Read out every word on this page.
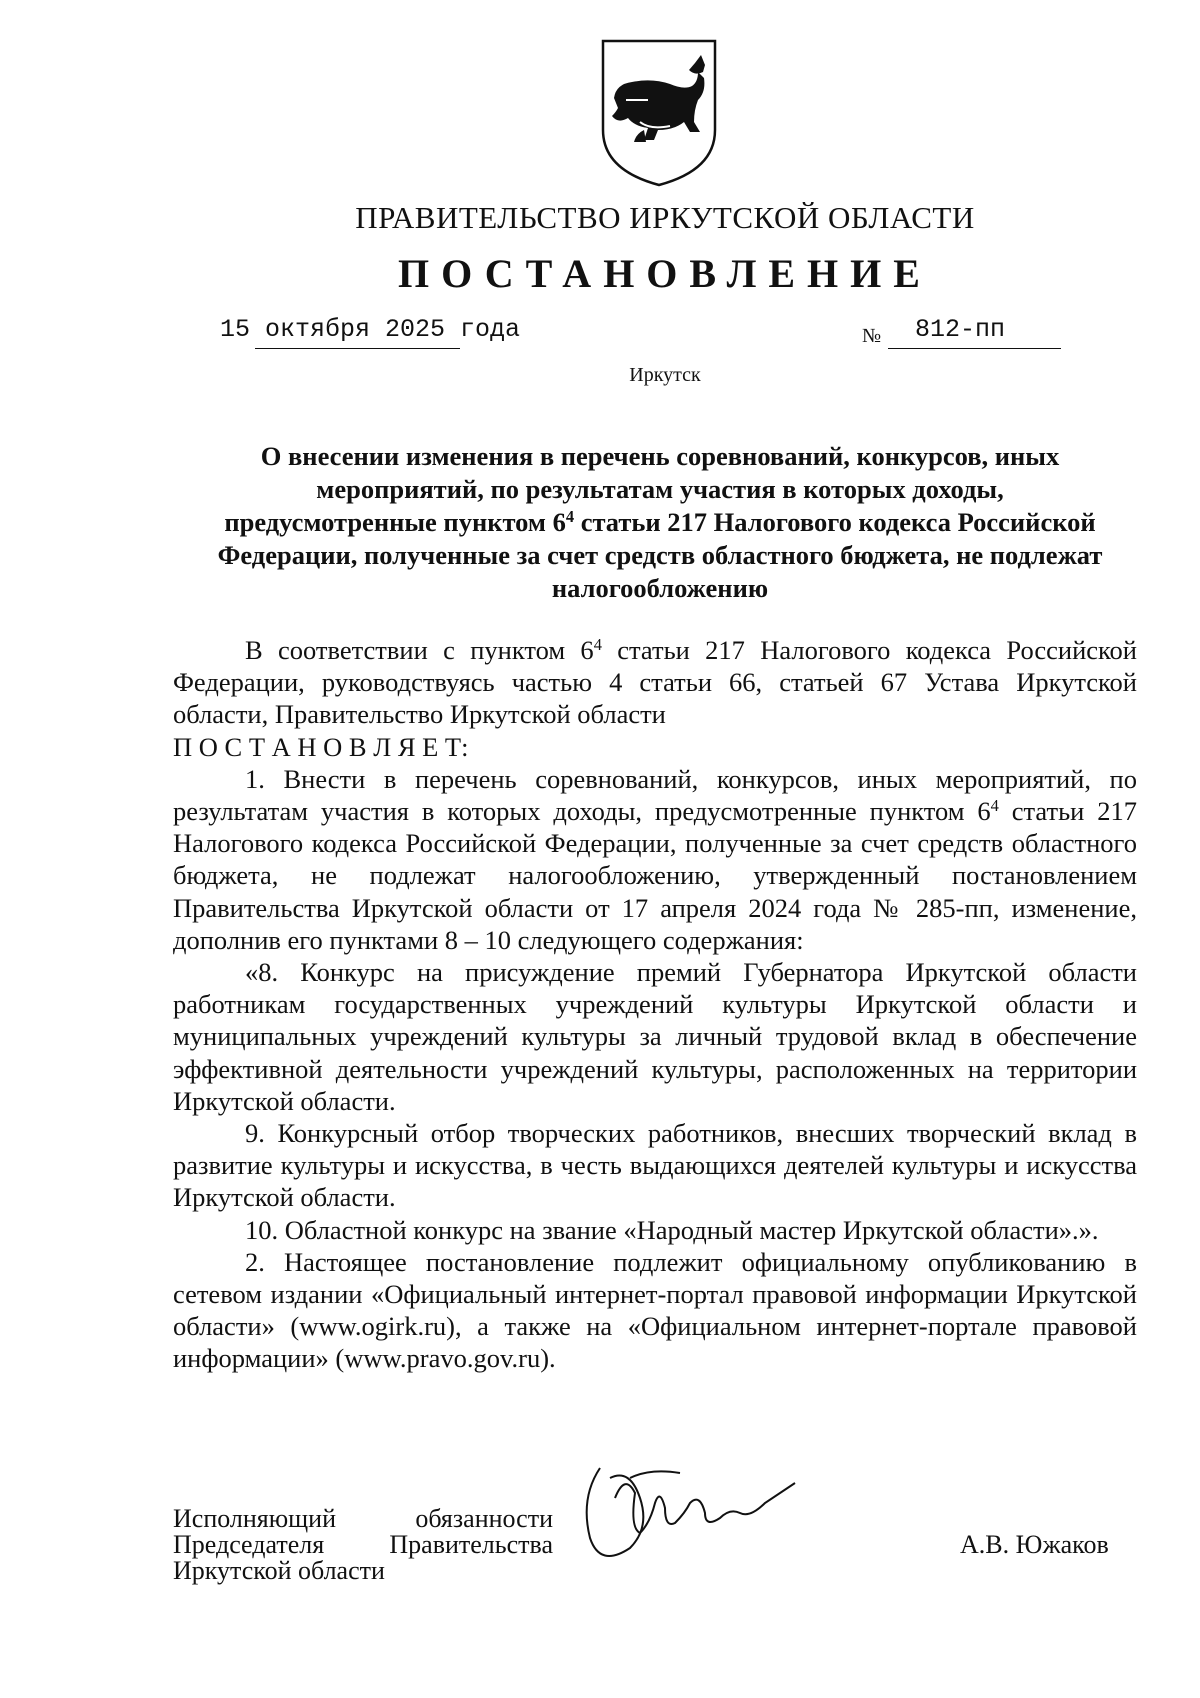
ПРАВИТЕЛЬСТВО ИРКУТСКОЙ ОБЛАСТИ
ПОСТАНОВЛЕНИЕ
15 октября 2025 года	№ 812-пп
Иркутск
О внесении изменения в перечень соревнований, конкурсов, иных
мероприятий, по результатам участия в которых доходы,
предусмотренные пунктом $6^4$ статьи 217 Налогового кодекса Российской
Федерации, полученные за счет средств областного бюджета, не подлежат
налогообложению

В соответствии с пунктом $6^4$ статьи 217 Налогового кодекса Российской Федерации, руководствуясь частью 4 статьи 66, статьей 67 Устава Иркутской области, Правительство Иркутской области

П О С Т А Н О В Л Я Е Т:

1. Внести в перечень соревнований, конкурсов, иных мероприятий, по результатам участия в которых доходы, предусмотренные пунктом $6^4$ статьи 217 Налогового кодекса Российской Федерации, полученные за счет средств областного бюджета, не подлежат налогообложению, утвержденный постановлением Правительства Иркутской области от 17 апреля 2024 года № 285-пп, изменение, дополнив его пунктами 8 – 10 следующего содержания:

«8. Конкурс на присуждение премий Губернатора Иркутской области работникам государственных учреждений культуры Иркутской области и муниципальных учреждений культуры за личный трудовой вклад в обеспечение эффективной деятельности учреждений культуры, расположенных на территории Иркутской области.

9. Конкурсный отбор творческих работников, внесших творческий вклад в развитие культуры и искусства, в честь выдающихся деятелей культуры и искусства Иркутской области.

10. Областной конкурс на звание «Народный мастер Иркутской области».».

2. Настоящее постановление подлежит официальному опубликованию в сетевом издании «Официальный интернет-портал правовой информации Иркутской области» (www.ogirk.ru), а также на «Официальном интернет-портале правовой информации» (www.pravo.gov.ru).

Исполняющий обязанности
Председателя Правительства
Иркутской области
А.В. Южаков
